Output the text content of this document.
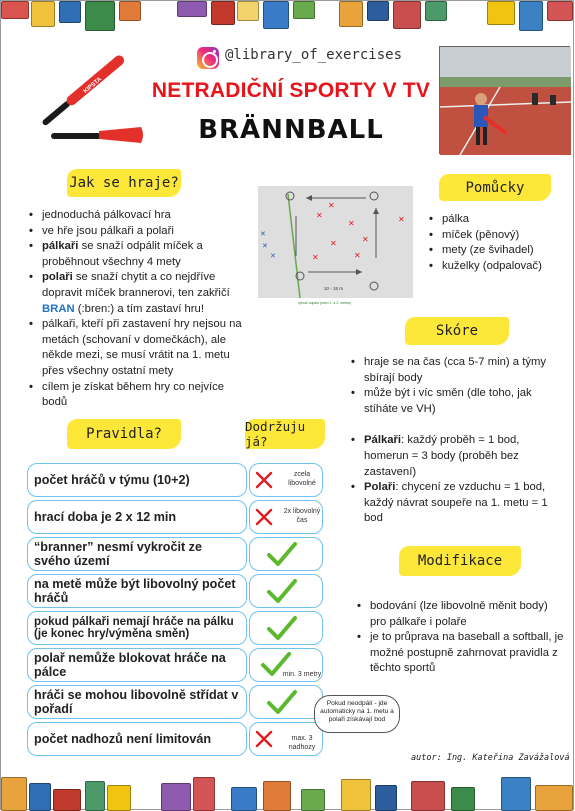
KIPSTA
@library_of_exercises
NETRADIČNÍ SPORTY V TV
BRÄNNBALL
Jak se hraje?
• jednoduchá pálkovací hra
• ve hře jsou pálkaři a polaři
• pálkaři se snaží odpálit míček a proběhnout všechny 4 mety
• polaři se snaží chytit a co nejdříve dopravit míček brannerovi, ten zakřičí BRAN (:bren:) a tím zastaví hru!
• pálkaři, kteří při zastavení hry nejsou na metách (schovaní v domečkách), ale někde mezi, se musí vrátit na 1. metu přes všechny ostatní mety
• cílem je získat během hry co nejvíce bodů
✕
✕	✕
✕
✕
✕
✕
✕
✕
✕
✕
10 - 15 m
výhoď odpalu (mezi 1. a 2. metou)
Pomůcky
• pálka
• míček (pěnový)
• mety (ze švihadel)
• kuželky (odpalovač)
Skóre
• hraje se na čas (cca 5-7 min) a týmy sbírají body
• může být i víc směn (dle toho, jak stíháte ve VH)
• Pálkaři: každý proběh = 1 bod, homerun = 3 body (proběh bez zastavení)
• Polaři: chycení ze vzduchu = 1 bod, každý návrat soupeře na 1. metu = 1 bod
Pravidla?	Dodržuju já?
počet hráčů v týmu (10+2)	zcela libovolné
hrací doba je 2 x 12 min	2x libovolný čas
“branner” nesmí vykročit ze svého území
na metě může být libovolný počet hráčů
pokud pálkaři nemají hráče na pálku (je konec hry/výměna směn)
polař nemůže blokovat hráče na pálce	min. 3 metry
hráči se mohou libovolně střídat v pořadí
počet nadhozů není limitován	max. 3 nadhozy
Pokud neodpálí - jde automaticky na 1. metu a polaři získávají bod
Modifikace
• bodování (lze libovolně měnit body) pro pálkaře i polaře
• je to průprava na baseball a softball, je možné postupně zahrnovat pravidla z těchto sportů
autor: Ing. Kateřina Zavážalová
